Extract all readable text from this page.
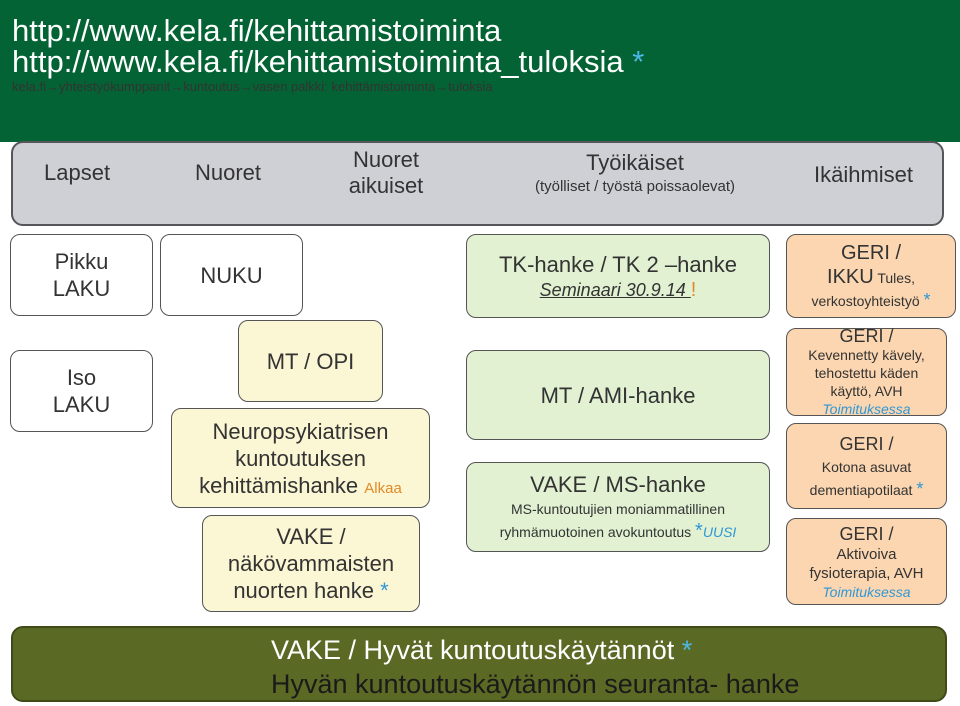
http://www.kela.fi/kehittamistoiminta
http://www.kela.fi/kehittamistoiminta_tuloksia *
kela.fi→yhteistyökumppanit→kuntoutus→vasen palkki: kehittämistoiminta→tuloksia
Lapset	Nuoret
Nuoret
aikuiset
Työikäiset
(työlliset / työstä poissaolevat)	Ikäihmiset
Pikku
LAKU
Iso
LAKU
NUKU
MT / OPI
Neuropsykiatrisen
kuntoutuksen
kehittämishanke Alkaa
VAKE /
näkövammaisten
nuorten hanke *
TK-hanke / TK 2 –hanke
Seminaari 30.9.14 !
MT / AMI-hanke
VAKE / MS-hanke
MS-kuntoutujien moniammatillinen
ryhmämuotoinen avokuntoutus *UUSI
GERI /
IKKU Tules,
verkostoyhteistyö *
GERI /
Kevennetty kävely,
tehostettu käden
käyttö, AVH
Toimituksessa
GERI /
Kotona asuvat
dementiapotilaat *
GERI /
Aktivoiva
fysioterapia, AVH
Toimituksessa
VAKE / Hyvät kuntoutuskäytännöt *
Hyvän kuntoutuskäytännön seuranta- hanke
